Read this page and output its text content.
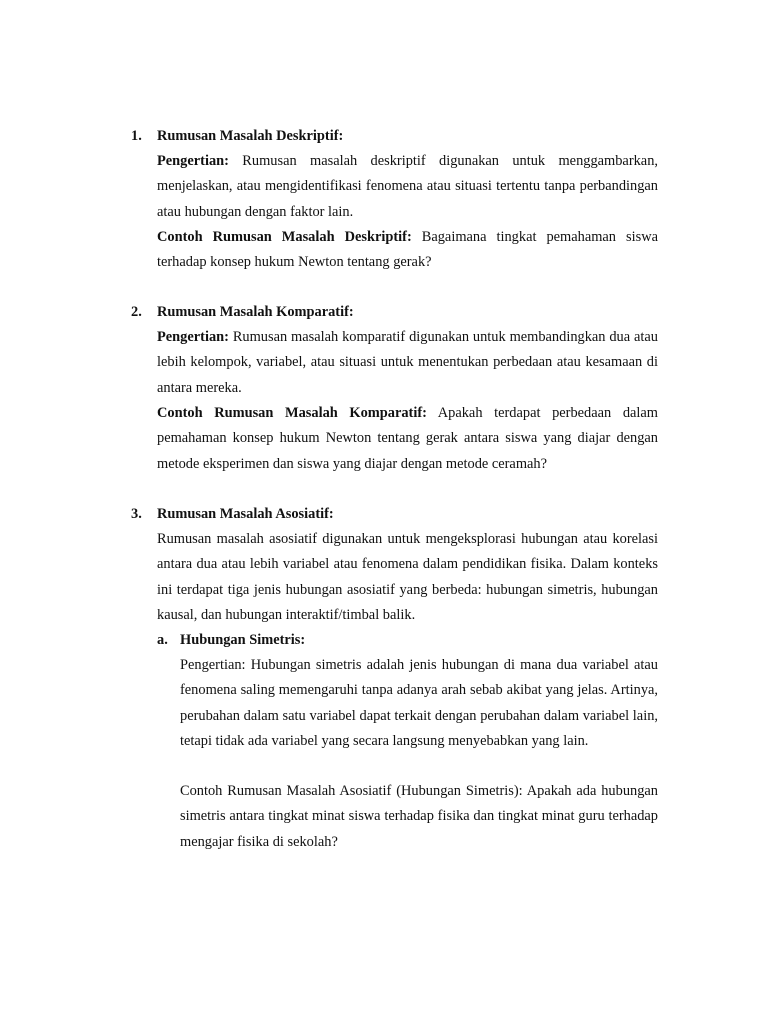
1. Rumusan Masalah Deskriptif:
Pengertian: Rumusan masalah deskriptif digunakan untuk menggambarkan, menjelaskan, atau mengidentifikasi fenomena atau situasi tertentu tanpa perbandingan atau hubungan dengan faktor lain.
Contoh Rumusan Masalah Deskriptif: Bagaimana tingkat pemahaman siswa terhadap konsep hukum Newton tentang gerak?
2. Rumusan Masalah Komparatif:
Pengertian: Rumusan masalah komparatif digunakan untuk membandingkan dua atau lebih kelompok, variabel, atau situasi untuk menentukan perbedaan atau kesamaan di antara mereka.
Contoh Rumusan Masalah Komparatif: Apakah terdapat perbedaan dalam pemahaman konsep hukum Newton tentang gerak antara siswa yang diajar dengan metode eksperimen dan siswa yang diajar dengan metode ceramah?
3. Rumusan Masalah Asosiatif:
Rumusan masalah asosiatif digunakan untuk mengeksplorasi hubungan atau korelasi antara dua atau lebih variabel atau fenomena dalam pendidikan fisika. Dalam konteks ini terdapat tiga jenis hubungan asosiatif yang berbeda: hubungan simetris, hubungan kausal, dan hubungan interaktif/timbal balik.
a. Hubungan Simetris:
Pengertian: Hubungan simetris adalah jenis hubungan di mana dua variabel atau fenomena saling memengaruhi tanpa adanya arah sebab akibat yang jelas. Artinya, perubahan dalam satu variabel dapat terkait dengan perubahan dalam variabel lain, tetapi tidak ada variabel yang secara langsung menyebabkan yang lain.
Contoh Rumusan Masalah Asosiatif (Hubungan Simetris): Apakah ada hubungan simetris antara tingkat minat siswa terhadap fisika dan tingkat minat guru terhadap mengajar fisika di sekolah?
